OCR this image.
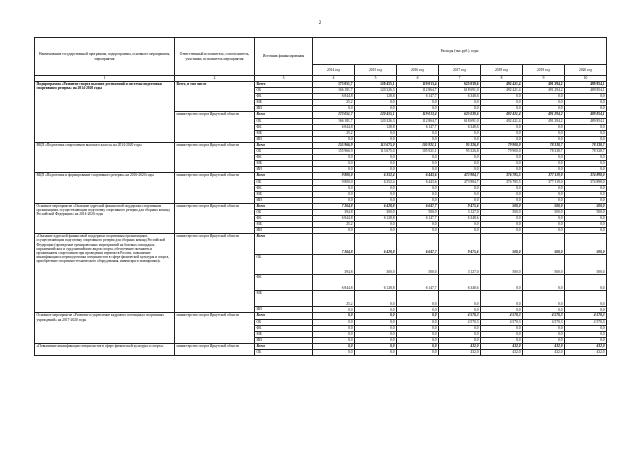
2
Наименование государственной программы, подпрограммы, основного мероприятия, мероприятия	Ответственный исполнитель, соисполнитель, участники, исполнитель мероприятия	Источник финансирования	Расходы (тыс.руб.), годы						
			2014 год	2015 год	2016 год	2017 год	2018 год	2019 год	2020 год
1	2	3	4	5	6	7	8	9	10
Подпрограмма «Развитие спорта высших достижений и системы подготовки спортивного резерва» на 2014-2020 годы	Всего, в том числе	Всего	173 051,7	120 455,1	119 013,4	625 039,6	492 421,4	491 294,2	489 854,1
		ОБ	166 181,7	120 326,3	112 864,7	618 691,0	492 421,4	491 294,2	489 854,1
		ФБ	6 844,8	128,8	6 147,7	6 348,6	0,0	0,0	0,0
		МБ	25,2	0,0	0,0	0,0	0,0	0,0	0,0
		ИИ	0,0	0,0	0,0	0,0	0,0	0,0	0,0
	министерство спорта Иркутской области	Всего	173 051,7	120 455,1	119 013,4	625 039,6	492 421,4	491 294,2	489 854,1
		ОБ	166 181,7	120 326,3	112 864,7	618 691,0	492 421,4	491 294,2	489 854,1
		ФБ	6 844,8	128,8	6 147,7	6 348,6	0,0	0,0	0,0
		МБ	25,2	0,0	0,0	0,0	0,0	0,0	0,0
		ИИ	0,0	0,0	0,0	0,0	0,0	0,0	0,0
ВЦП «Подготовка спортсменов высокого класса» на 2014-2020 годы	министерство спорта Иркутской области	Всего	155 966,9	113 675,0	105 921,1	95 326,8	79 900,0	78 338,7	78 338,7
		ОБ	155 966,9	113 675,0	105 921,1	95 326,8	79 900,0	78 338,7	78 338,7
		ФБ	0,0	0,0	0,0	0,0	0,0	0,0	0,0
		МБ	0,0	0,0	0,0	0,0	0,0	0,0	0,0
		ИИ	0,0	0,0	0,0	0,0	0,0	0,0	0,0
ВЦП «Подготовка и формирование спортивного резерва» на 2016-2020 годы	министерство спорта Иркутской области	Всего	9 800,0	6 352,4	6 443,6	473 984,7	376 785,5	377 119,0	374 898,0
		ОБ	9 800,0	6 352,4	6 443,6	473 984,7	376 785,5	377 119,0	374 898,0
		ФБ	0,0	0,0	0,0	0,0	0,0	0,0	0,0
		МБ	0,0	0,0	0,0	0,0	0,0	0,0	0,0
		ИИ	0,0	0,0	0,0	0,0	0,0	0,0	0,0
Основное мероприятие «Оказание адресной финансовой поддержки спортивным организациям, осуществляющим подготовку спортивного резерва для сборных команд Российской Федерации» на 2014-2020 годы	министерство спорта Иркутской области	Всего	7 264,8	6 428,8	6 647,7	9 475,6	500,0	500,0	500,0
		ОБ	394,8	300,0	500,0	3 127,0	500,0	500,0	500,0
		ФБ	6 844,8	6 128,8	6 147,7	6 348,6	0,0	0,0	0,0
		МБ	25,2	0,0	0,0	0,0	0,0	0,0	0,0
		ИИ	0,0	0,0	0,0	0,0	0,0	0,0	0,0
«Оказание адресной финансовой поддержки спортивным организациям, осуществляющим подготовку спортивного резерва для сборных команд Российской Федерации (проведение тренировочных мероприятий на базовых площадках, паралимпийских и сурдлимпийских видов спорта, обеспечение питанием и проживанием спортсменов при проведении первенств России, повышение квалификации и переподготовка специалистов в сфере физической культуры и спорта, приобретение спортивно-технического оборудования, инвентаря и экипировки)»	министерство спорта Иркутской области	Всего	7 264,8	6 428,8	6 647,7	9 475,6	500,0	500,0	500,0
		ОБ	394,8	300,0	500,0	3 127,0	500,0	500,0	500,0
		ФБ	6 844,8	6 128,8	6 147,7	6 348,6	0,0	0,0	0,0
		МБ	25,2	0,0	0,0	0,0	0,0	0,0	0,0
		ИИ	0,0	0,0	0,0	0,0	0,0	0,0	0,0
Основное мероприятие «Развитие и укрепление кадрового потенциала спортивных учреждений» на 2017-2020 годы	министерство спорта Иркутской области	Всего	0,0	0,0	0,0	4 570,3	4 570,3	4 570,3	4 570,3
		ОБ	0,0	0,0	0,0	4 570,3	4 570,3	4 570,3	4 570,3
		ФБ	0,0	0,0	0,0	0,0	0,0	0,0	0,0
		МБ	0,0	0,0	0,0	0,0	0,0	0,0	0,0
		ИИ	0,0	0,0	0,0	0,0	0,0	0,0	0,0
«Повышение квалификации специалистов в сфере физической культуры и спорта»	министерство спорта Иркутской области	Всего	0,0	0,0	0,0	432,0	432,0	432,0	432,0
		ОБ	0,0	0,0	0,0	432,0	432,0	432,0	432,0
